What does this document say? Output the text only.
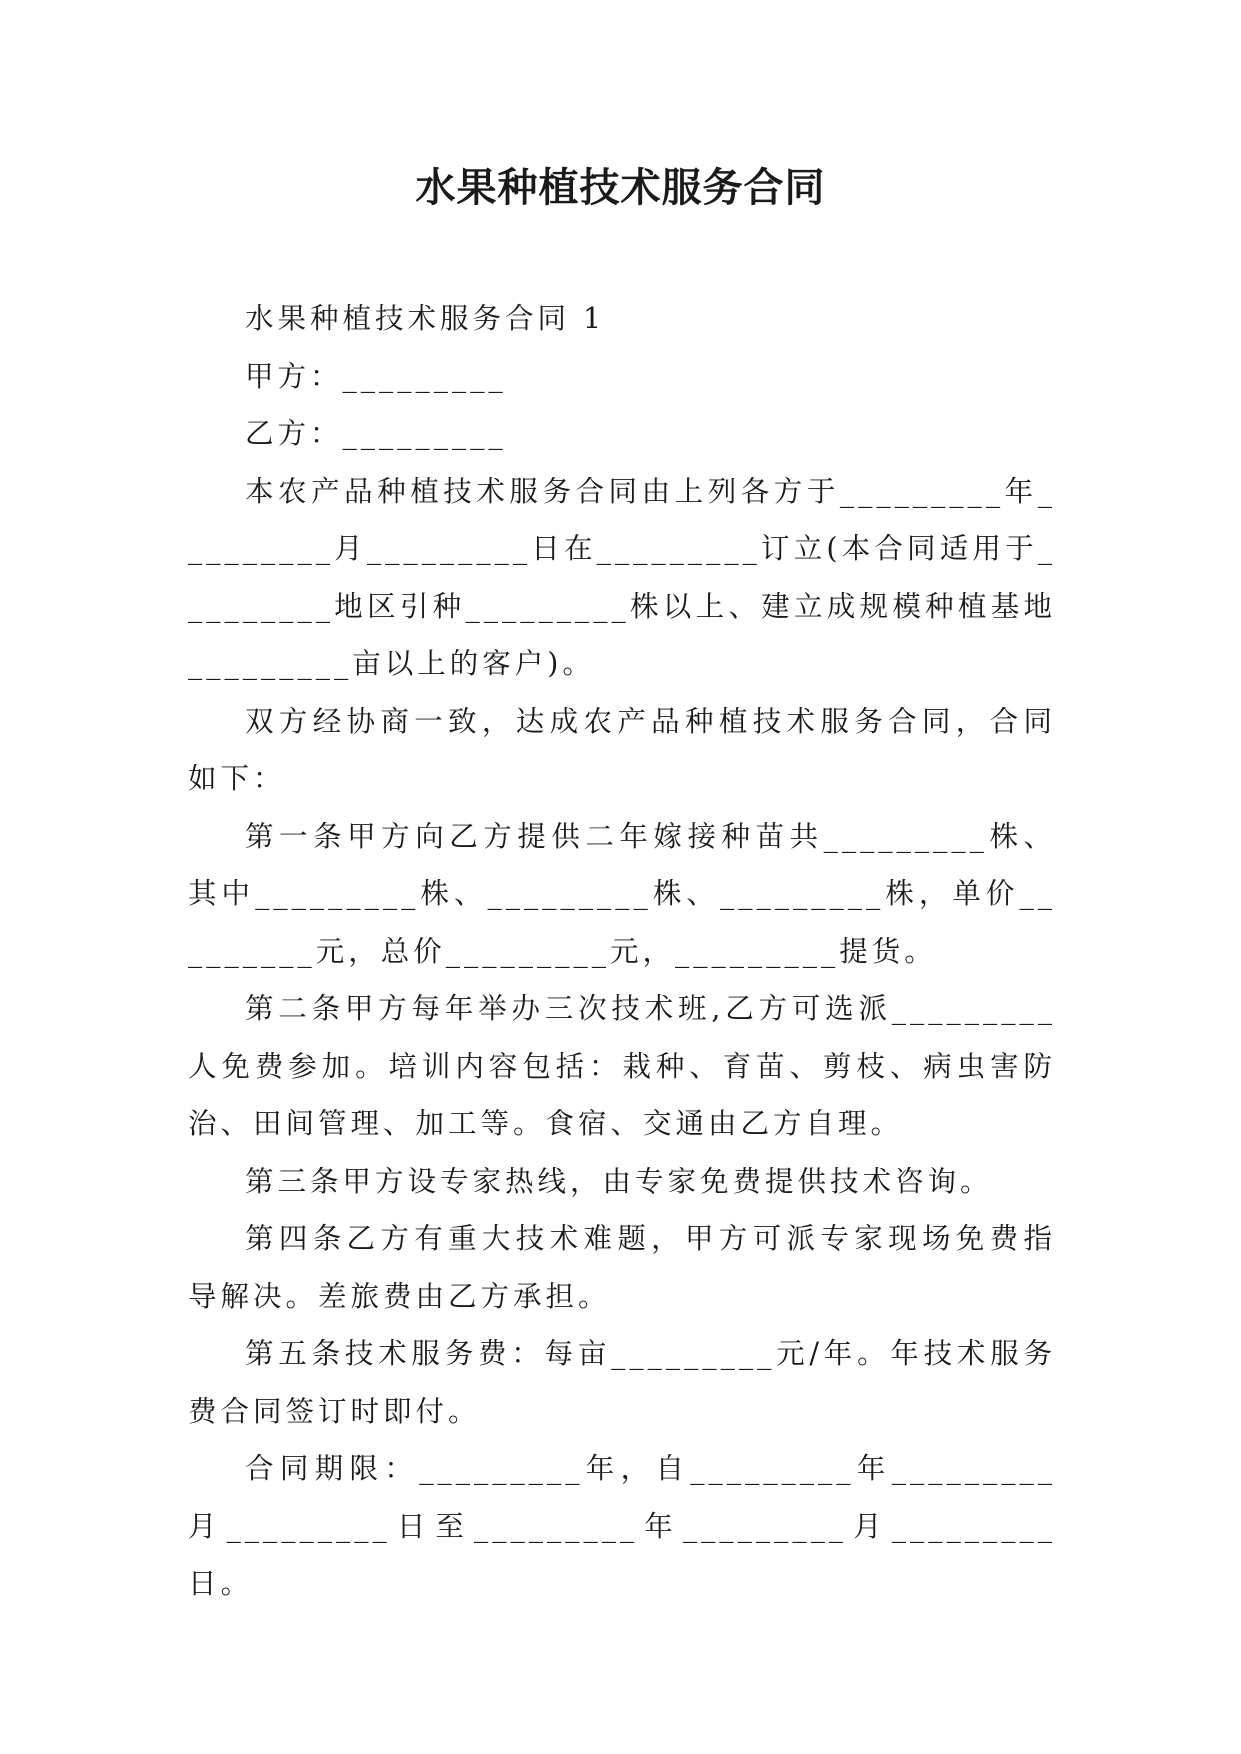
水果种植技术服务合同

水果种植技术服务合同 1

甲方：_________

乙方：_________

本农产品种植技术服务合同由上列各方于_________年_________月_________日在_________订立(本合同适用于_________地区引种_________株以上、建立成规模种植基地_________亩以上的客户)。

双方经协商一致，达成农产品种植技术服务合同，合同如下：

第一条甲方向乙方提供二年嫁接种苗共_________株、其中_________株、_________株、_________株，单价_________元，总价_________元，_________提货。

第二条甲方每年举办三次技术班,乙方可选派_________人免费参加。培训内容包括：栽种、育苗、剪枝、病虫害防治、田间管理、加工等。食宿、交通由乙方自理。

第三条甲方设专家热线，由专家免费提供技术咨询。

第四条乙方有重大技术难题，甲方可派专家现场免费指导解决。差旅费由乙方承担。

第五条技术服务费：每亩_________元/年。年技术服务费合同签订时即付。

合同期限：_________年，自_________年_________月_________日至_________年_________月_________日。
